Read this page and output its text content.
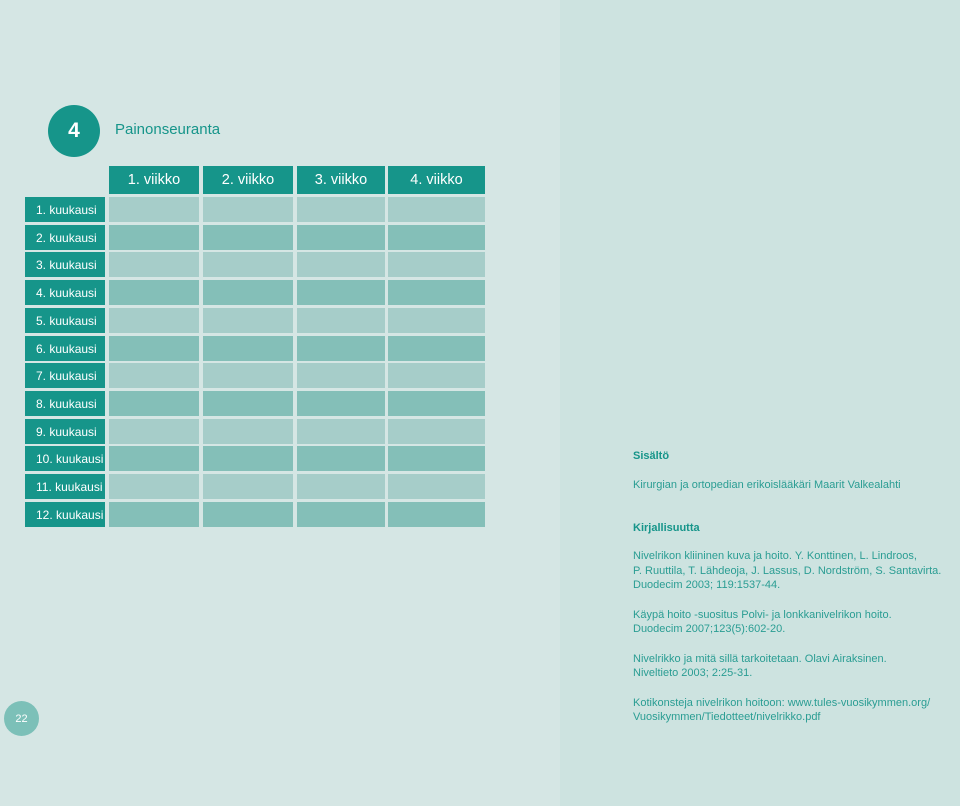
4	Painonseuranta
1. viikko	2. viikko	3. viikko	4. viikko
1. kuukausi
2. kuukausi
3. kuukausi
4. kuukausi
5. kuukausi
6. kuukausi
7. kuukausi
8. kuukausi
9. kuukausi
10. kuukausi
11. kuukausi
12. kuukausi
22
Sisältö
Kirurgian ja ortopedian erikoislääkäri Maarit Valkealahti
Kirjallisuutta
Nivelrikon kliininen kuva ja hoito. Y. Konttinen, L. Lindroos,
P. Ruuttila, T. Lähdeoja, J. Lassus, D. Nordström, S. Santavirta.
Duodecim 2003; 119:1537-44.
Käypä hoito -suositus Polvi- ja lonkkanivelrikon hoito.
Duodecim 2007;123(5):602-20.
Nivelrikko ja mitä sillä tarkoitetaan. Olavi Airaksinen.
Niveltieto 2003; 2:25-31.
Kotikonsteja nivelrikon hoitoon: www.tules-vuosikymmen.org/
Vuosikymmen/Tiedotteet/nivelrikko.pdf
